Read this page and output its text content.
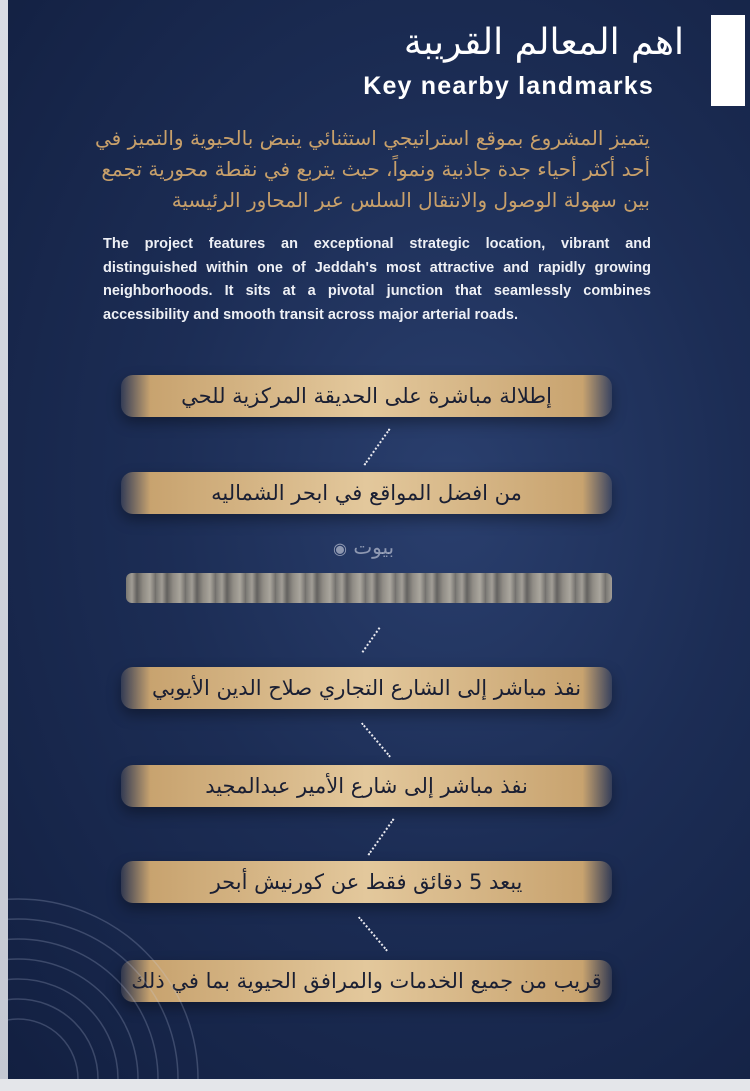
اهم المعالم القريبة
Key nearby landmarks
يتميز المشروع بموقع استراتيجي استثنائي ينبض بالحيوية والتميز في أحد أكثر أحياء جدة جاذبية ونمواً، حيث يتربع في نقطة محورية تجمع بين سهولة الوصول والانتقال السلس عبر المحاور الرئيسية
The project features an exceptional strategic location, vibrant and distinguished within one of Jeddah's most attractive and rapidly growing neighborhoods. It sits at a pivotal junction that seamlessly combines accessibility and smooth transit across major arterial roads.
إطلالة مباشرة على الحديقة المركزية للحي
من افضل المواقع في ابحر الشماليه
بيوت ◉
نفذ مباشر إلى الشارع التجاري صلاح الدين الأيوبي
نفذ مباشر إلى شارع الأمير عبدالمجيد
يبعد 5 دقائق فقط عن كورنيش أبحر
قريب من جميع الخدمات والمرافق الحيوية بما في ذلك
